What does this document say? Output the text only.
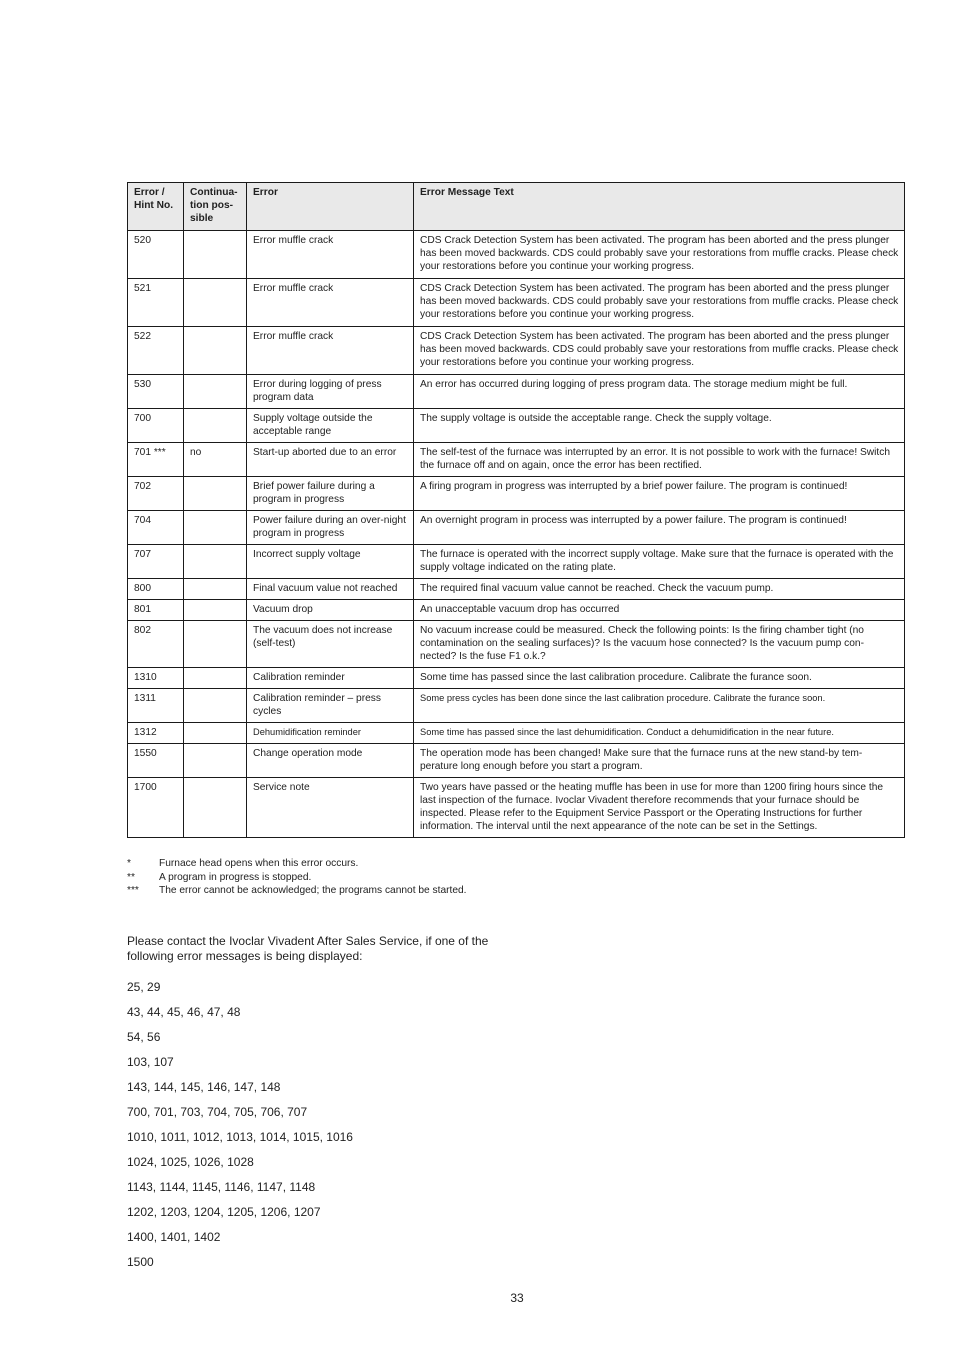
Error / Hint No.	Continua-tion pos-sible	Error	Error Message Text
520		Error muffle crack	CDS Crack Detection System has been activated. The program has been aborted and the press plunger has been moved backwards. CDS could probably save your restorations from muffle cracks. Please check your restorations before you continue your working progress.
521		Error muffle crack	CDS Crack Detection System has been activated. The program has been aborted and the press plunger has been moved backwards. CDS could probably save your restorations from muffle cracks. Please check your restorations before you continue your working progress.
522		Error muffle crack	CDS Crack Detection System has been activated. The program has been aborted and the press plunger has been moved backwards. CDS could probably save your restorations from muffle cracks. Please check your restorations before you continue your working progress.
530		Error during logging of press program data	An error has occurred during logging of press program data. The storage medium might be full.
700		Supply voltage outside the acceptable range	The supply voltage is outside the acceptable range. Check the supply voltage.
701 ***	no	Start-up aborted due to an error	The self-test of the furnace was interrupted by an error. It is not possible to work with the furnace! Switch the furnace off and on again, once the error has been rectified.
702		Brief power failure during a program in progress	A firing program in progress was interrupted by a brief power failure. The program is continued!
704		Power failure during an over-night program in progress	An overnight program in process was interrupted by a power failure. The program is continued!
707		Incorrect supply voltage	The furnace is operated with the incorrect supply voltage. Make sure that the furnace is operated with the supply voltage indicated on the rating plate.
800		Final vacuum value not reached	The required final vacuum value cannot be reached. Check the vacuum pump.
801		Vacuum drop	An unacceptable vacuum drop has occurred
802		The vacuum does not increase (self-test)	No vacuum increase could be measured. Check the following points: Is the firing chamber tight (no contamination on the sealing surfaces)? Is the vacuum hose connected? Is the vacuum pump con-nected? Is the fuse F1 o.k.?
1310		Calibration reminder	Some time has passed since the last calibration procedure. Calibrate the furance soon.
1311		Calibration reminder – press cycles	Some press cycles has been done since the last calibration procedure. Calibrate the furance soon.
1312		Dehumidification reminder	Some time has passed since the last dehumidification. Conduct a dehumidification in the near future.
1550		Change operation mode	The operation mode has been changed! Make sure that the furnace runs at the new stand-by tem-perature long enough before you start a program.
1700		Service note	Two years have passed or the heating muffle has been in use for more than 1200 firing hours since the last inspection of the furnace. Ivoclar Vivadent therefore recommends that your furnace should be inspected. Please refer to the Equipment Service Passport or the Operating Instructions for further information. The interval until the next appearance of the note can be set in the Settings.
*	Furnace head opens when this error occurs.
**	A program in progress is stopped.
***	The error cannot be acknowledged; the programs cannot be started.
Please contact the Ivoclar Vivadent After Sales Service, if one of the following error messages is being displayed:
25, 29
43, 44, 45, 46, 47, 48
54, 56
103, 107
143, 144, 145, 146, 147, 148
700, 701, 703, 704, 705, 706, 707
1010, 1011, 1012, 1013, 1014, 1015, 1016
1024, 1025, 1026, 1028
1143, 1144, 1145, 1146, 1147, 1148
1202, 1203, 1204, 1205, 1206, 1207
1400, 1401, 1402
1500
33
